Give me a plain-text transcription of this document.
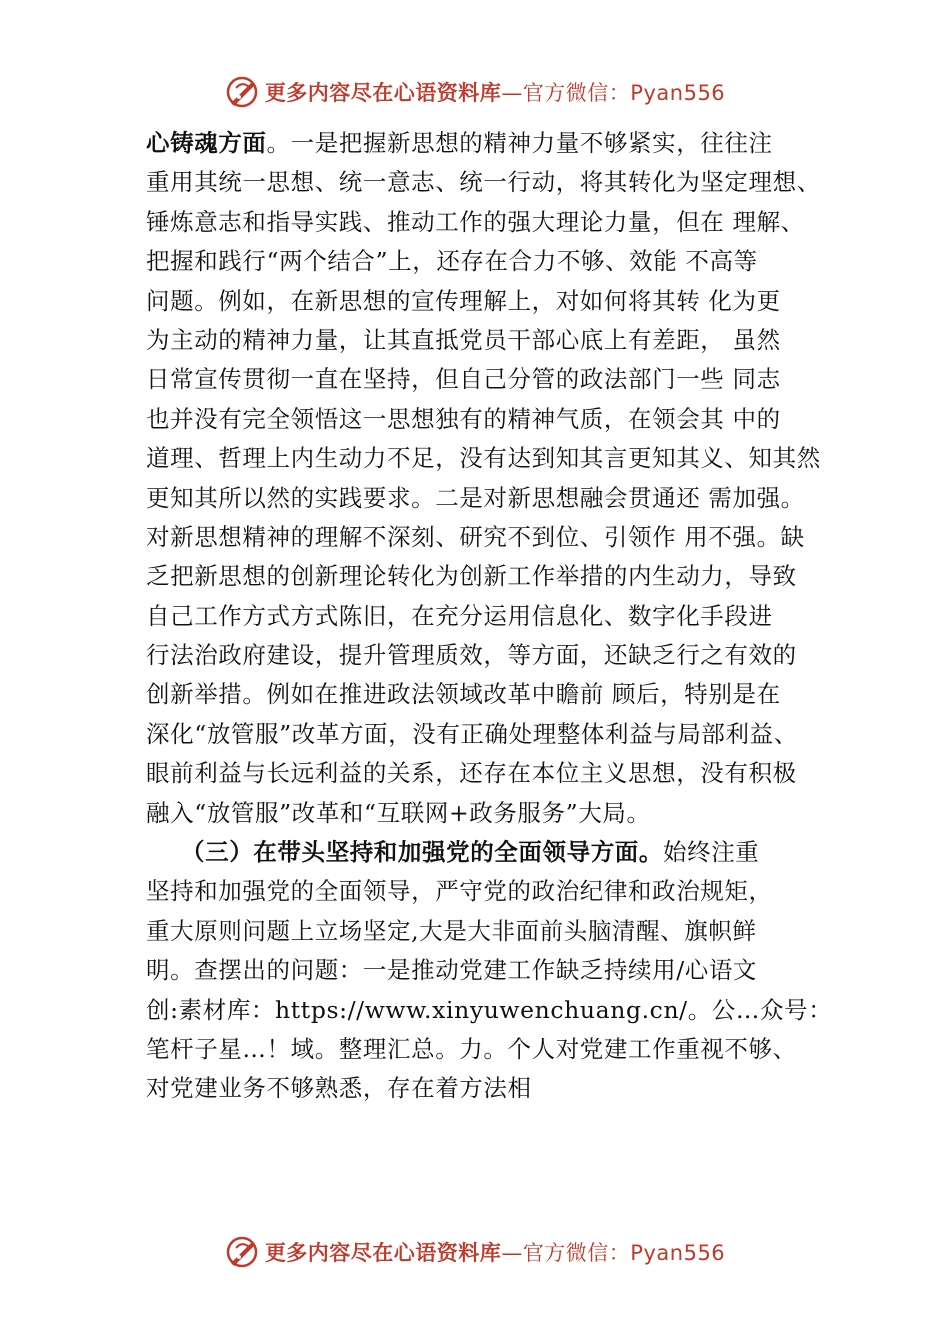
更多内容尽在心语资料库—官方微信：Pyan556
心铸魂方面。一是把握新思想的精神力量不够紧实，往往注
重用其统一思想、统一意志、统一行动，将其转化为坚定理想、
锤炼意志和指导实践、推动工作的强大理论力量，但在 理解、
把握和践行“两个结合”上，还存在合力不够、效能 不高等
问题。例如，在新思想的宣传理解上，对如何将其转 化为更
为主动的精神力量，让其直抵党员干部心底上有差距， 虽然
日常宣传贯彻一直在坚持，但自己分管的政法部门一些 同志
也并没有完全领悟这一思想独有的精神气质，在领会其 中的
道理、哲理上内生动力不足，没有达到知其言更知其义、知其然
更知其所以然的实践要求。二是对新思想融会贯通还 需加强。
对新思想精神的理解不深刻、研究不到位、引领作 用不强。缺
乏把新思想的创新理论转化为创新工作举措的内生动力，导致
自己工作方式方式陈旧，在充分运用信息化、数字化手段进
行法治政府建设，提升管理质效，等方面，还缺乏行之有效的
创新举措。例如在推进政法领域改革中瞻前 顾后，特别是在
深化“放管服”改革方面，没有正确处理整体利益与局部利益、
眼前利益与长远利益的关系，还存在本位主义思想，没有积极
融入“放管服”改革和“互联网+政务服务”大局。
（三）在带头坚持和加强党的全面领导方面。始终注重
坚持和加强党的全面领导，严守党的政治纪律和政治规矩，
重大原则问题上立场坚定,大是大非面前头脑清醒、旗帜鲜
明。查摆出的问题：一是推动党建工作缺乏持续用/心语文
创:素材库：https://www.xinyuwenchuang.cn/。公…众号：
笔杆子星…！域。整理汇总。力。个人对党建工作重视不够、
对党建业务不够熟悉，存在着方法相
更多内容尽在心语资料库—官方微信：Pyan556
